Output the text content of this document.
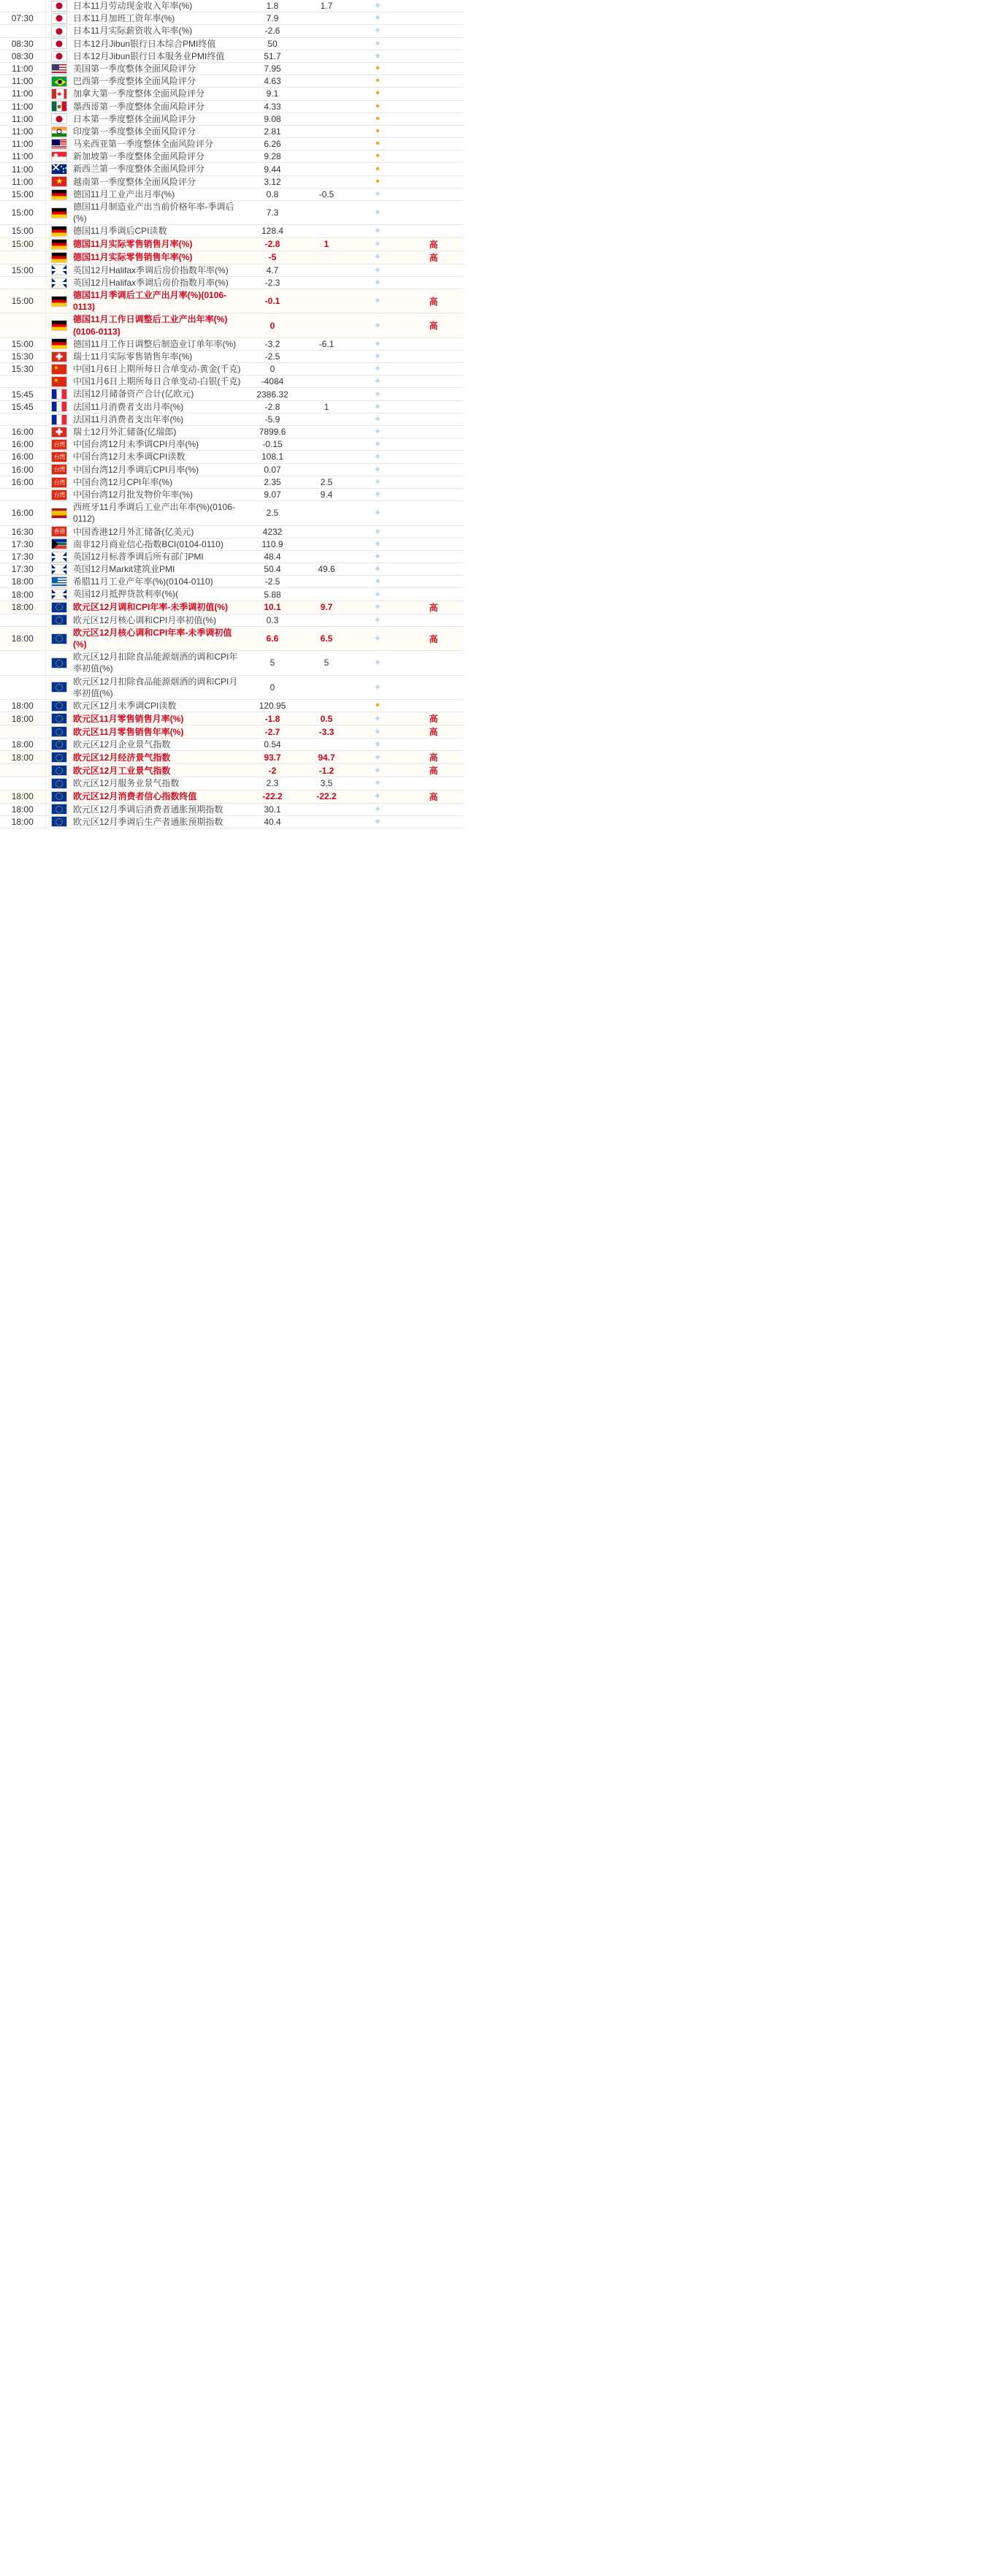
		日本11月劳动现金收入年率(%)	1.8	1.7	✦	
07:30		日本11月加班工资年率(%)	7.9		✦	
		日本11月实际薪资收入年率(%)	-2.6		✦	
08:30		日本12月Jibun银行日本综合PMI终值	50		✦	
08:30		日本12月Jibun银行日本服务业PMI终值	51.7		✦	
11:00		美国第一季度整体全面风险评分	7.95		•	
11:00		巴西第一季度整体全面风险评分	4.63		•	
11:00		加拿大第一季度整体全面风险评分	9.1		•	
11:00		墨西哥第一季度整体全面风险评分	4.33		•	
11:00		日本第一季度整体全面风险评分	9.08		•	
11:00		印度第一季度整体全面风险评分	2.81		•	
11:00		马来西亚第一季度整体全面风险评分	6.26		•	
11:00		新加坡第一季度整体全面风险评分	9.28		•	
11:00		新西兰第一季度整体全面风险评分	9.44		•	
11:00	★	越南第一季度整体全面风险评分	3.12		•	
15:00		德国11月工业产出月率(%)	0.8	-0.5	✦	
15:00		德国11月制造业产出当前价格年率-季调后(%)	7.3		✦	
15:00		德国11月季调后CPI读数	128.4		✦	
15:00		德国11月实际零售销售月率(%)	-2.8	1	✦	高
		德国11月实际零售销售年率(%)	-5		✦	高
15:00		英国12月Halifax季调后房价指数年率(%)	4.7		✦	
		英国12月Halifax季调后房价指数月率(%)	-2.3		✦	
15:00		德国11月季调后工业产出月率(%)(0106-0113)	-0.1		✦	高
		德国11月工作日调整后工业产出年率(%)(0106-0113)	0		✦	高
15:00		德国11月工作日调整后制造业订单年率(%)	-3.2	-6.1	✦	
15:30		瑞士11月实际零售销售年率(%)	-2.5		✦	
15:30	★	中国1月6日上期所每日合单变动-黄金(千克)	0		✦	
	★	中国1月6日上期所每日合单变动-白银(千克)	-4084		✦	
15:45		法国12月储备资产合计(亿欧元)	2386.32		✦	
15:45		法国11月消费者支出月率(%)	-2.8	1	✦	
		法国11月消费者支出年率(%)	-5.9		✦	
16:00		瑞士12月外汇储备(亿瑞郎)	7899.6		✦	
16:00	台湾	中国台湾12月未季调CPI月率(%)	-0.15		✦	
16:00	台湾	中国台湾12月未季调CPI读数	108.1		✦	
16:00	台湾	中国台湾12月季调后CPI月率(%)	0.07		✦	
16:00	台湾	中国台湾12月CPI年率(%)	2.35	2.5	✦	
	台湾	中国台湾12月批发物价年率(%)	9.07	9.4	✦	
16:00		西班牙11月季调后工业产出年率(%)(0106-0112)	2.5		✦	
16:30	香港	中国香港12月外汇储备(亿美元)	4232		✦	
17:30		南非12月商业信心指数BCI(0104-0110)	110.9		✦	
17:30		英国12月标普季调后所有部门PMI	48.4		✦	
17:30		英国12月Markit建筑业PMI	50.4	49.6	✦	
18:00		希腊11月工业产年率(%)(0104-0110)	-2.5		✦	
18:00		英国12月抵押贷款利率(%)(	5.88		✦	
18:00		欧元区12月调和CPI年率-未季调初值(%)	10.1	9.7	✦	高
		欧元区12月核心调和CPI月率初值(%)	0.3		✦	
18:00		欧元区12月核心调和CPI年率-未季调初值(%)	6.6	6.5	✦	高
		欧元区12月扣除食品能源烟酒的调和CPI年率初值(%)	5	5	✦	
		欧元区12月扣除食品能源烟酒的调和CPI月率初值(%)	0		✦	
18:00		欧元区12月未季调CPI读数	120.95		•	
18:00		欧元区11月零售销售月率(%)	-1.8	0.5	✦	高
		欧元区11月零售销售年率(%)	-2.7	-3.3	✦	高
18:00		欧元区12月企业景气指数	0.54		✦	
18:00		欧元区12月经济景气指数	93.7	94.7	✦	高
		欧元区12月工业景气指数	-2	-1.2	✦	高
		欧元区12月服务业景气指数	2.3	3.5	✦	
18:00		欧元区12月消费者信心指数终值	-22.2	-22.2	✦	高
18:00		欧元区12月季调后消费者通胀预期指数	30.1		✦	
18:00		欧元区12月季调后生产者通胀预期指数	40.4		✦	
